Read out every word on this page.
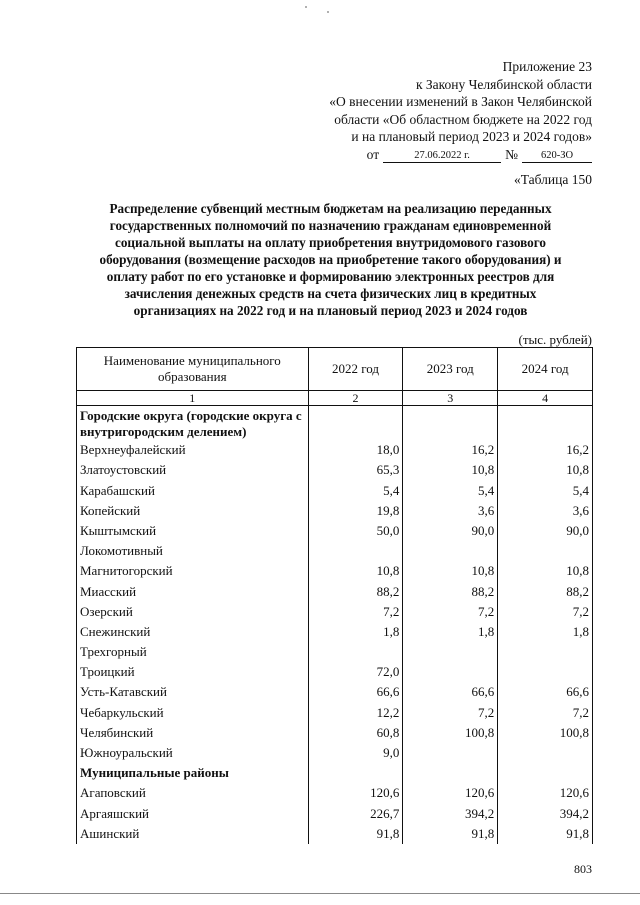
Приложение 23
к Закону Челябинской области
«О внесении изменений в Закон Челябинской
области «Об областном бюджете на 2022 год
и на плановый период 2023 и 2024 годов»
от	27.06.2022 г.	№	620-ЗО
«Таблица 150
Распределение субвенций местным бюджетам на реализацию переданных государственных полномочий по назначению гражданам единовременной социальной выплаты на оплату приобретения внутридомового газового оборудования (возмещение расходов на приобретение такого оборудования) и оплату работ по его установке и формированию электронных реестров для зачисления денежных средств на счета физических лиц в кредитных организациях на 2022 год и на плановый период 2023 и 2024 годов
(тыс. рублей)
Наименование муниципального образования	2022 год	2023 год	2024 год
1	2	3	4
Городские округа (городские округа с внутригородским делением)			
Верхнеуфалейский	18,0	16,2	16,2
Златоустовский	65,3	10,8	10,8
Карабашский	5,4	5,4	5,4
Копейский	19,8	3,6	3,6
Кыштымский	50,0	90,0	90,0
Локомотивный			
Магнитогорский	10,8	10,8	10,8
Миасский	88,2	88,2	88,2
Озерский	7,2	7,2	7,2
Снежинский	1,8	1,8	1,8
Трехгорный			
Троицкий	72,0		
Усть-Катавский	66,6	66,6	66,6
Чебаркульский	12,2	7,2	7,2
Челябинский	60,8	100,8	100,8
Южноуральский	9,0		
Муниципальные районы			
Агаповский	120,6	120,6	120,6
Аргаяшский	226,7	394,2	394,2
Ашинский	91,8	91,8	91,8
803
